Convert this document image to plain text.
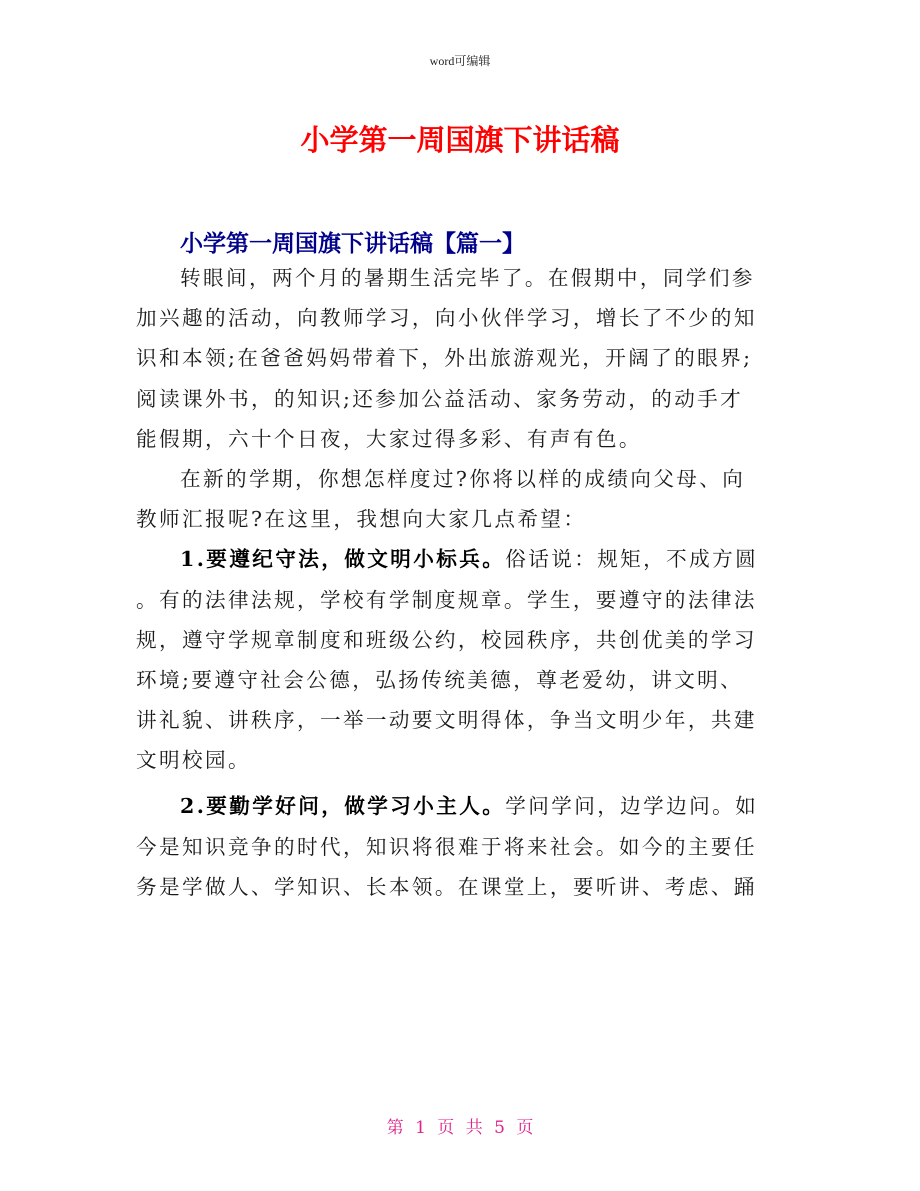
word可编辑
小学第一周国旗下讲话稿
小学第一周国旗下讲话稿【篇一】
转眼间，两个月的暑期生活完毕了。在假期中，同学们参
加兴趣的活动，向教师学习，向小伙伴学习，增长了不少的知
识和本领;在爸爸妈妈带着下，外出旅游观光，开阔了的眼界;
阅读课外书，的知识;还参加公益活动、家务劳动，的动手才
能假期，六十个日夜，大家过得多彩、有声有色。
在新的学期，你想怎样度过?你将以样的成绩向父母、向
教师汇报呢?在这里，我想向大家几点希望：
1.要遵纪守法，做文明小标兵。俗话说：规矩，不成方圆
。有的法律法规，学校有学制度规章。学生，要遵守的法律法
规，遵守学规章制度和班级公约，校园秩序，共创优美的学习
环境;要遵守社会公德，弘扬传统美德，尊老爱幼，讲文明、
讲礼貌、讲秩序，一举一动要文明得体，争当文明少年，共建
文明校园。
2.要勤学好问，做学习小主人。学问学问，边学边问。如
今是知识竞争的时代，知识将很难于将来社会。如今的主要任
务是学做人、学知识、长本领。在课堂上，要听讲、考虑、踊
第 1 页 共 5 页
